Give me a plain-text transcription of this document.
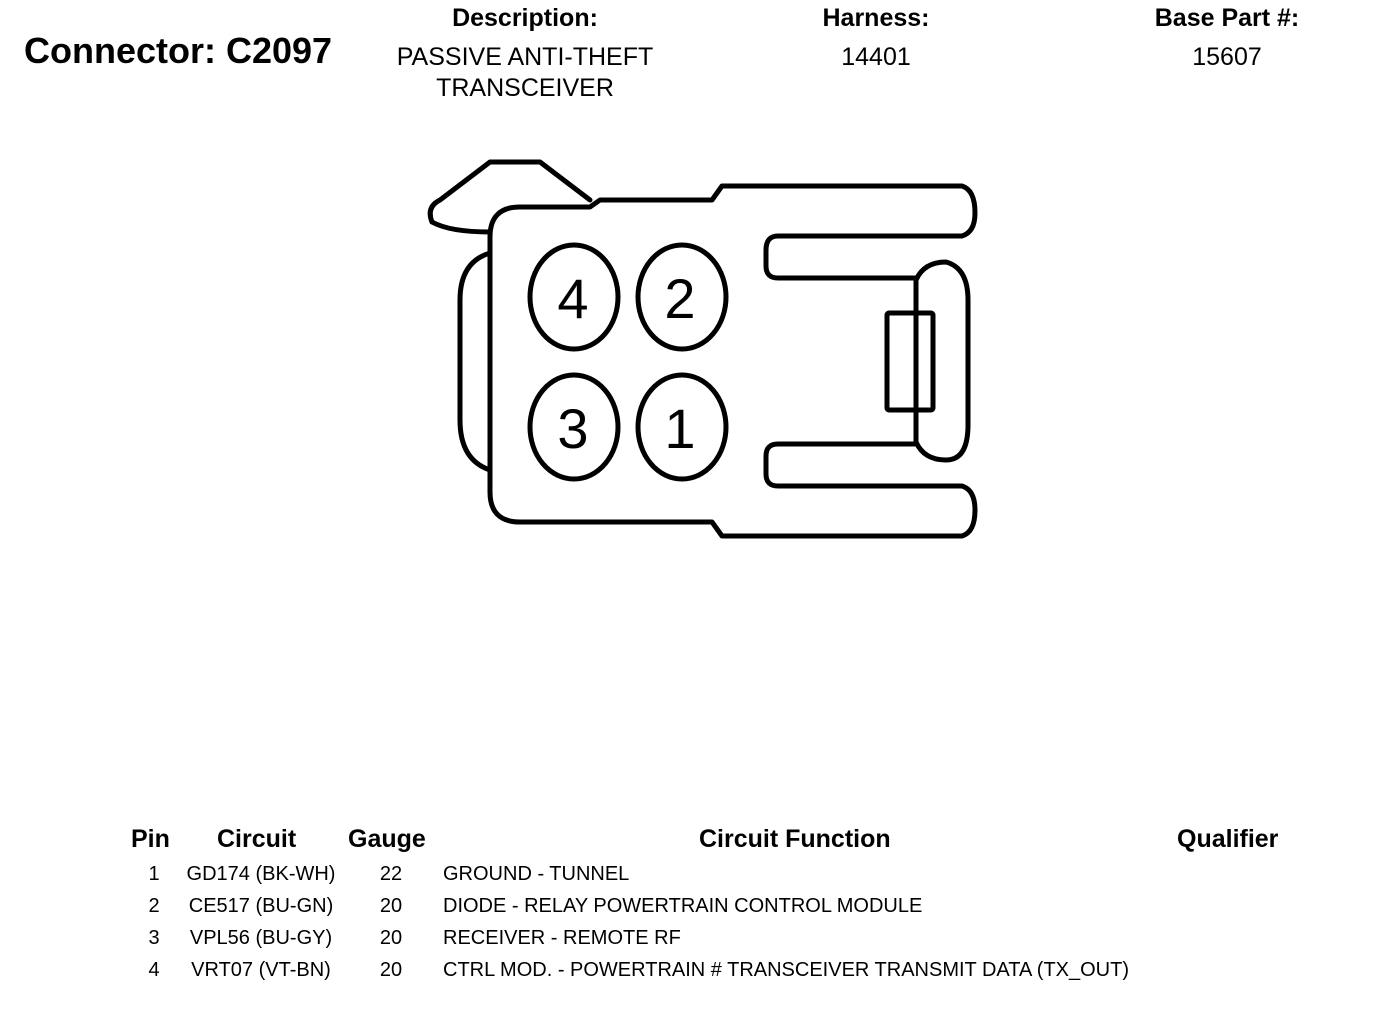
Connector: C2097
Description:
PASSIVE ANTI-THEFT TRANSCEIVER
Harness:
14401
Base Part #:
15607
4 2
3 1
Pin Circuit Gauge	Circuit Function	Qualifier
1	GD174 (BK-WH)	22	GROUND - TUNNEL
2	CE517 (BU-GN)	20	DIODE - RELAY POWERTRAIN CONTROL MODULE
3	VPL56 (BU-GY)	20	RECEIVER - REMOTE RF
4	VRT07 (VT-BN)	20	CTRL MOD. - POWERTRAIN # TRANSCEIVER TRANSMIT DATA (TX_OUT)
